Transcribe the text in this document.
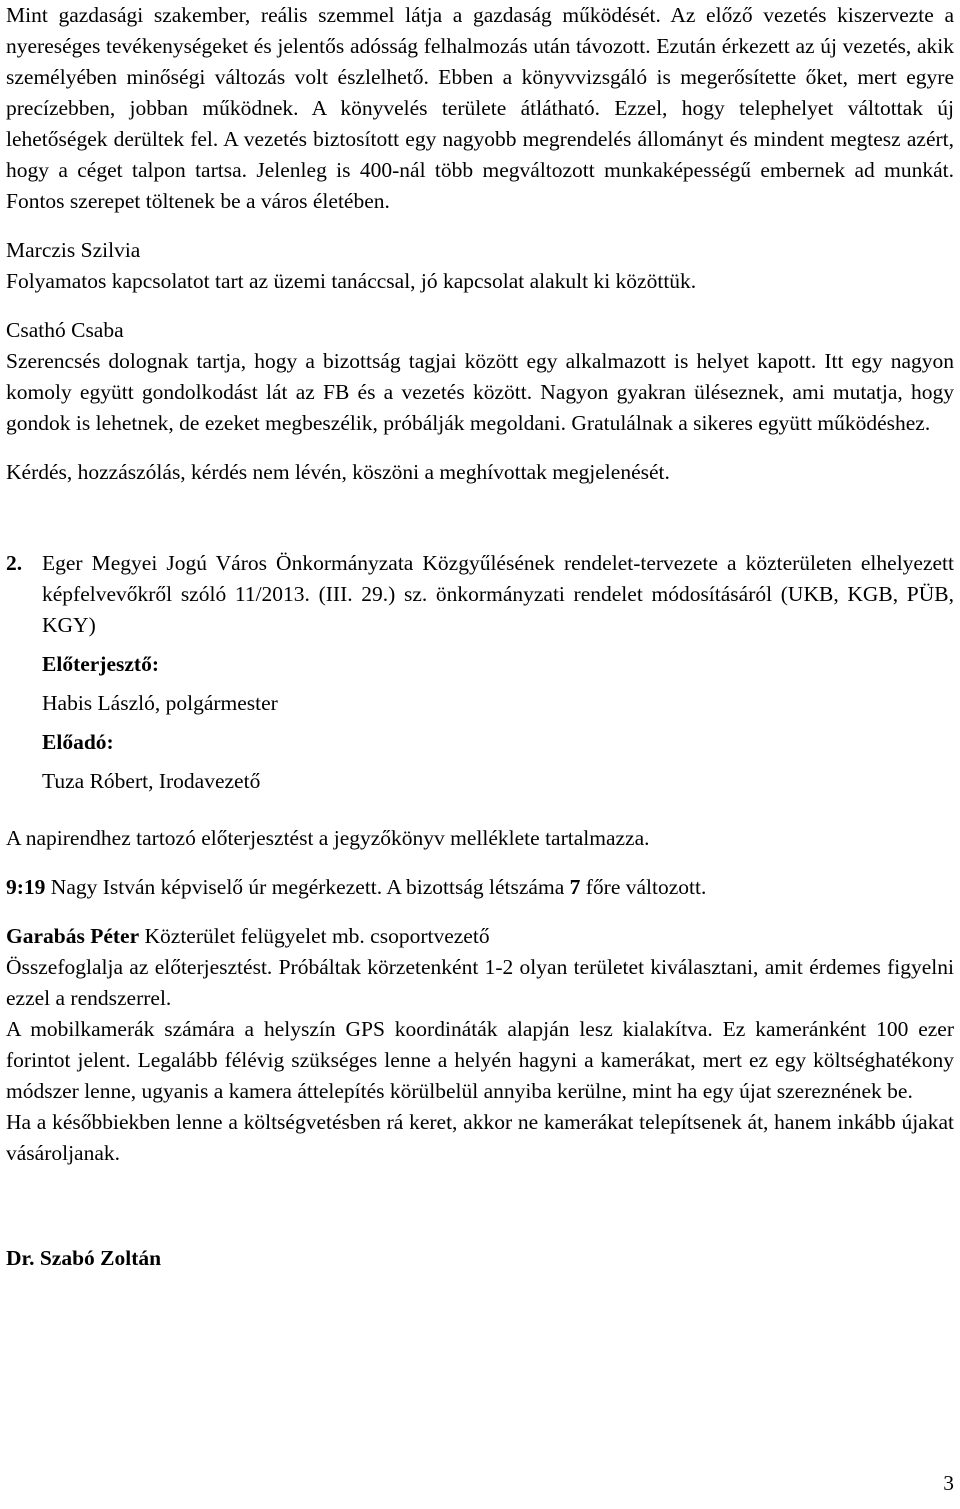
Mint gazdasági szakember, reális szemmel látja a gazdaság működését. Az előző vezetés kiszervezte a nyereséges tevékenységeket és jelentős adósság felhalmozás után távozott. Ezután érkezett az új vezetés, akik személyében minőségi változás volt észlelhető. Ebben a könyvvizsgáló is megerősítette őket, mert egyre precízebben, jobban működnek. A könyvelés területe átlátható. Ezzel, hogy telephelyet váltottak új lehetőségek derültek fel. A vezetés biztosított egy nagyobb megrendelés állományt és mindent megtesz azért, hogy a céget talpon tartsa. Jelenleg is 400-nál több megváltozott munkaképességű embernek ad munkát. Fontos szerepet töltenek be a város életében.

Marczis Szilvia

Folyamatos kapcsolatot tart az üzemi tanáccsal, jó kapcsolat alakult ki közöttük.

Csathó Csaba

Szerencsés dolognak tartja, hogy a bizottság tagjai között egy alkalmazott is helyet kapott. Itt egy nagyon komoly együtt gondolkodást lát az FB és a vezetés között. Nagyon gyakran üléseznek, ami mutatja, hogy gondok is lehetnek, de ezeket megbeszélik, próbálják megoldani. Gratulálnak a sikeres együtt működéshez.

Kérdés, hozzászólás, kérdés nem lévén, köszöni a meghívottak megjelenését.

2. Eger Megyei Jogú Város Önkormányzata Közgyűlésének rendelet-tervezete a közterületen elhelyezett képfelvevőkről szóló 11/2013. (III. 29.) sz. önkormányzati rendelet módosításáról (UKB, KGB, PÜB, KGY)

Előterjesztő:

Habis László, polgármester

Előadó:

Tuza Róbert, Irodavezető

A napirendhez tartozó előterjesztést a jegyzőkönyv melléklete tartalmazza.

9:19 Nagy István képviselő úr megérkezett. A bizottság létszáma 7 főre változott.

Garabás Péter Közterület felügyelet mb. csoportvezető

Összefoglalja az előterjesztést. Próbáltak körzetenként 1-2 olyan területet kiválasztani, amit érdemes figyelni ezzel a rendszerrel.

A mobilkamerák számára a helyszín GPS koordináták alapján lesz kialakítva. Ez kameránként 100 ezer forintot jelent. Legalább félévig szükséges lenne a helyén hagyni a kamerákat, mert ez egy költséghatékony módszer lenne, ugyanis a kamera áttelepítés körülbelül annyiba kerülne, mint ha egy újat szereznének be.

Ha a későbbiekben lenne a költségvetésben rá keret, akkor ne kamerákat telepítsenek át, hanem inkább újakat vásároljanak.

Dr. Szabó Zoltán

3
